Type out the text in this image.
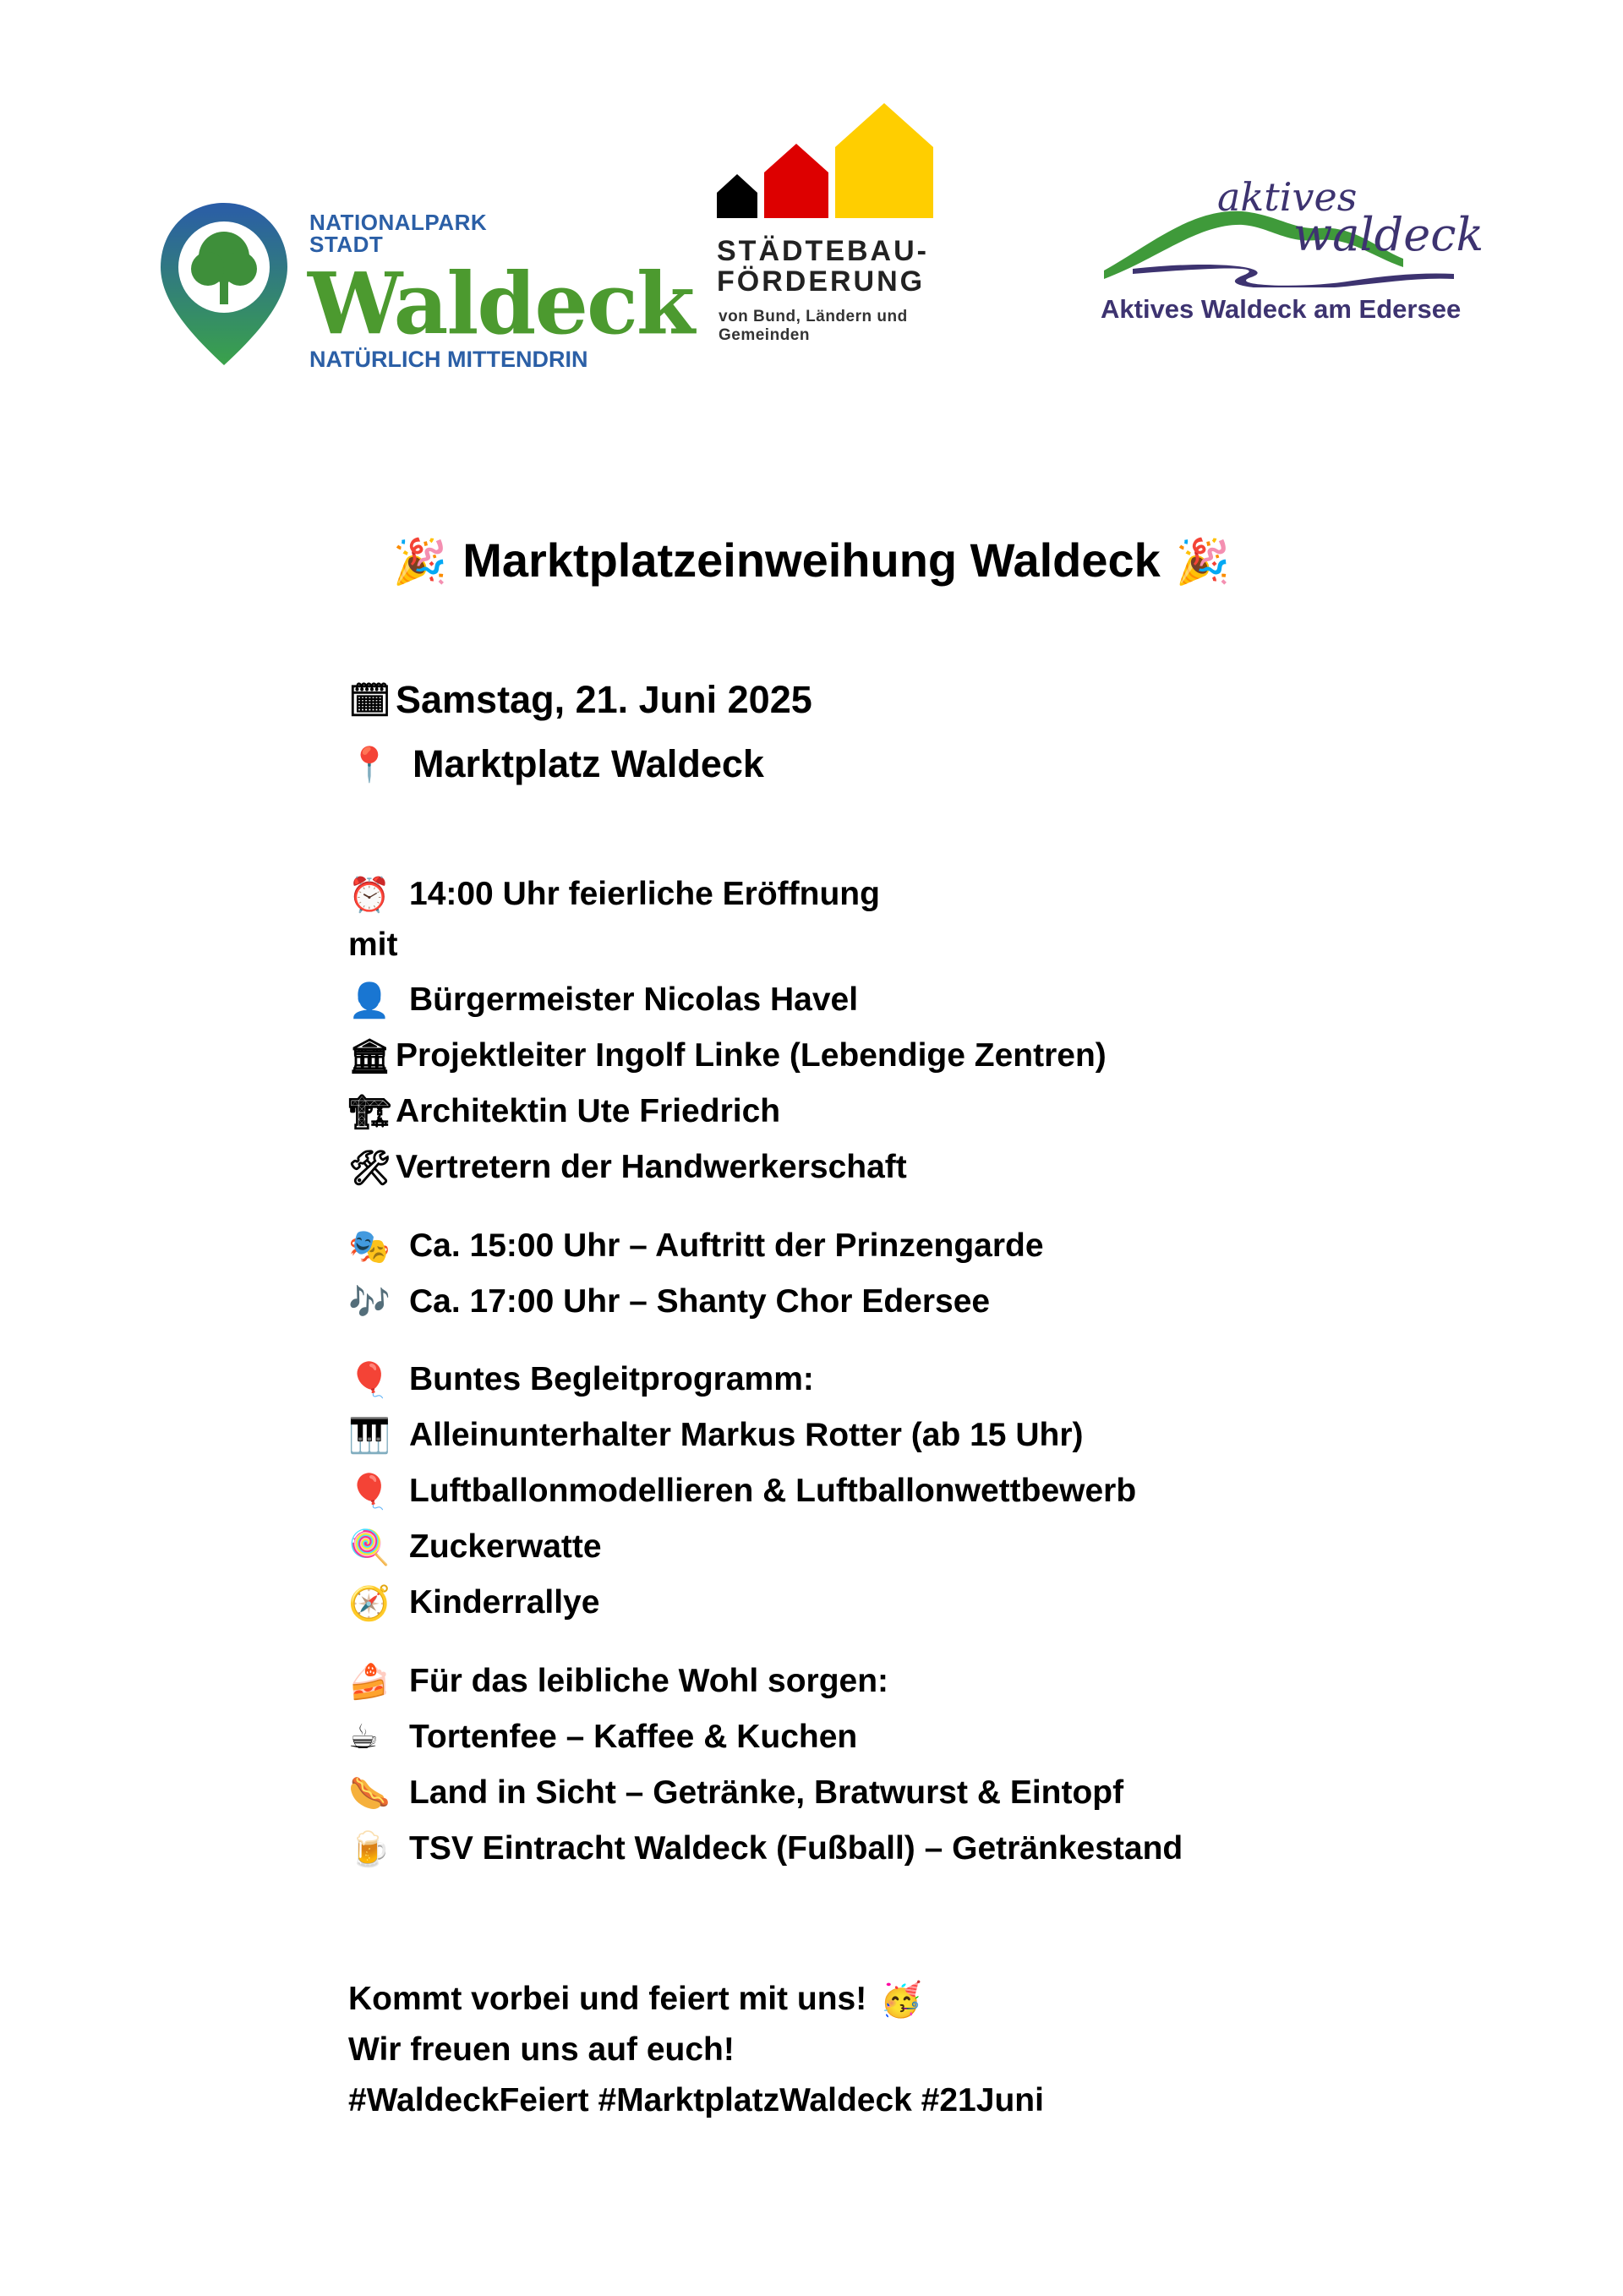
NATIONALPARK
STADT
Waldeck
NATÜRLICH MITTENDRIN
STÄDTEBAU-
FÖRDERUNG
von Bund, Ländern und
Gemeinden
aktives
waldeck
Aktives Waldeck am Edersee
🎉 Marktplatzeinweihung Waldeck 🎉
🗓 Samstag, 21. Juni 2025
📍 Marktplatz Waldeck
⏰ 14:00 Uhr feierliche Eröffnung
mit
👤 Bürgermeister Nicolas Havel
🏛 Projektleiter Ingolf Linke (Lebendige Zentren)
🏗 Architektin Ute Friedrich
🛠 Vertretern der Handwerkerschaft
🎭 Ca. 15:00 Uhr – Auftritt der Prinzengarde
🎶 Ca. 17:00 Uhr – Shanty Chor Edersee
🎈 Buntes Begleitprogramm:
🎹 Alleinunterhalter Markus Rotter (ab 15 Uhr)
🎈 Luftballonmodellieren & Luftballonwettbewerb
🍭 Zuckerwatte
🧭 Kinderrallye
🍰 Für das leibliche Wohl sorgen:
☕ Tortenfee – Kaffee & Kuchen
🌭 Land in Sicht – Getränke, Bratwurst & Eintopf
🍺 TSV Eintracht Waldeck (Fußball) – Getränkestand
Kommt vorbei und feiert mit uns! 🥳
Wir freuen uns auf euch!
#WaldeckFeiert #MarktplatzWaldeck #21Juni
